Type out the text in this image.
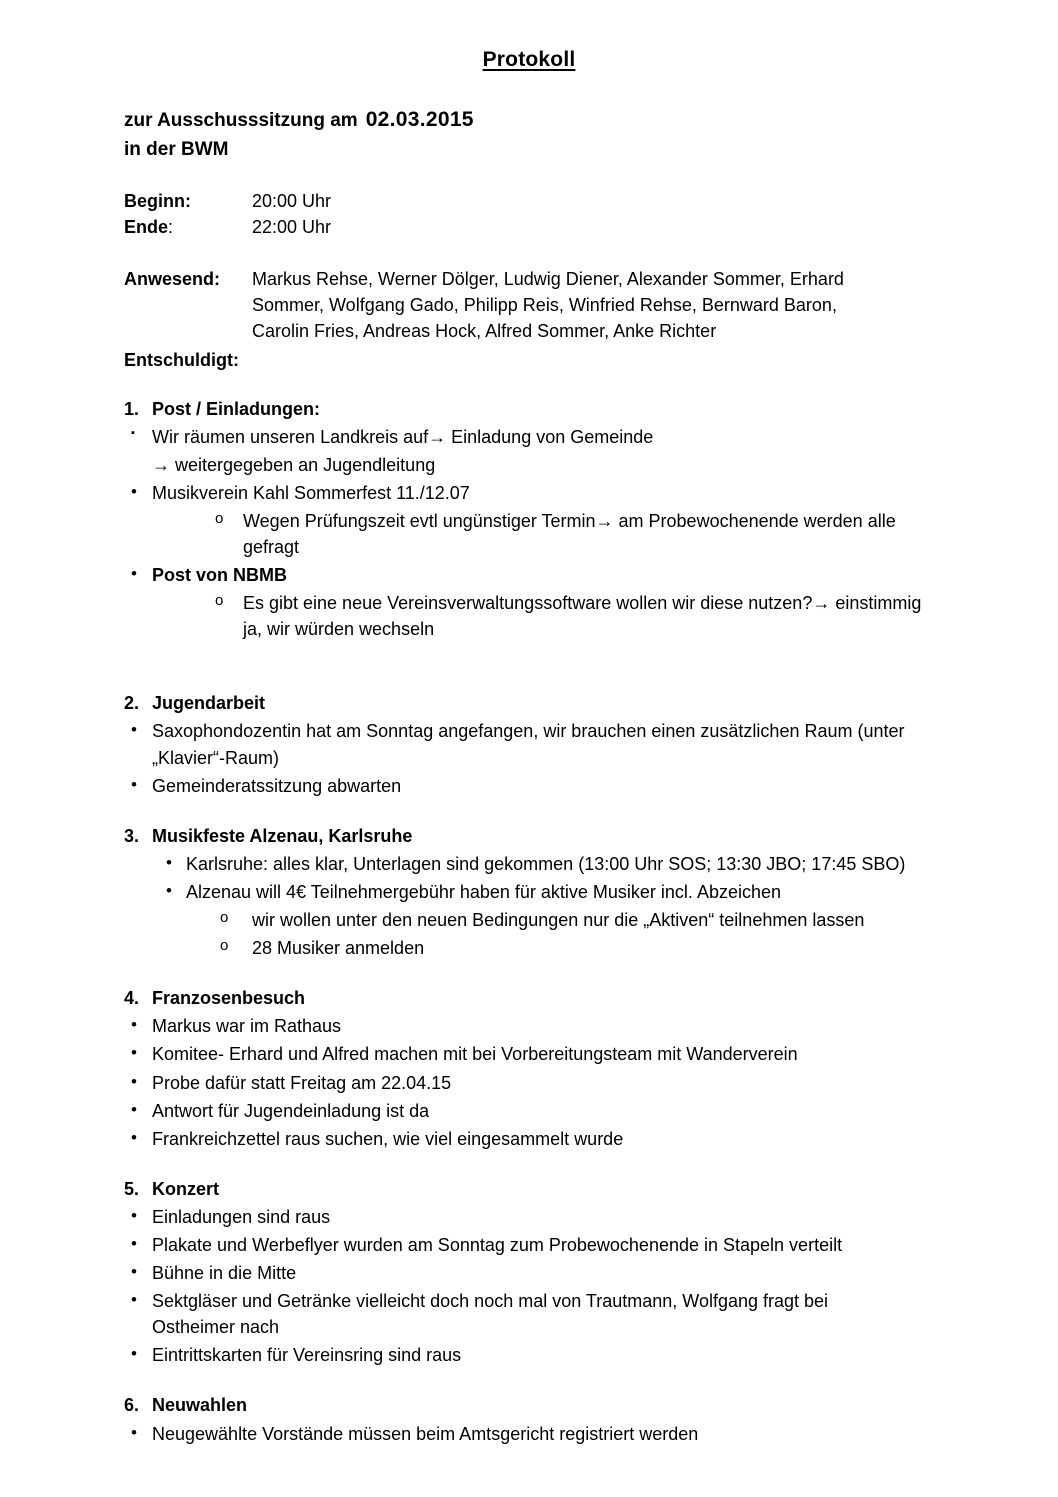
Protokoll
zur Ausschusssitzung am 02.03.2015
in der BWM
Beginn:	20:00 Uhr
Ende:	22:00 Uhr
Anwesend:	Markus Rehse, Werner Dölger, Ludwig Diener, Alexander Sommer, Erhard Sommer, Wolfgang Gado, Philipp Reis, Winfried Rehse, Bernward Baron, Carolin Fries, Andreas Hock, Alfred Sommer, Anke Richter
Entschuldigt:
1. Post / Einladungen:
▪ Wir räumen unseren Landkreis auf→ Einladung von Gemeinde

→ weitergegeben an Jugendleitung
• Musikverein Kahl Sommerfest 11./12.07
o	Wegen Prüfungszeit evtl ungünstiger Termin→ am Probewochenende werden alle gefragt
• Post von NBMB
o	Es gibt eine neue Vereinsverwaltungssoftware wollen wir diese nutzen?→ einstimmig ja, wir würden wechseln
2. Jugendarbeit
• Saxophondozentin hat am Sonntag angefangen, wir brauchen einen zusätzlichen Raum (unter „Klavier“-Raum)
• Gemeinderatssitzung abwarten
3. Musikfeste Alzenau, Karlsruhe
• Karlsruhe: alles klar, Unterlagen sind gekommen (13:00 Uhr SOS; 13:30 JBO; 17:45 SBO)
• Alzenau will 4€ Teilnehmergebühr haben für aktive Musiker incl. Abzeichen
o	wir wollen unter den neuen Bedingungen nur die „Aktiven“ teilnehmen lassen
o	28 Musiker anmelden
4. Franzosenbesuch
• Markus war im Rathaus
• Komitee- Erhard und Alfred machen mit bei Vorbereitungsteam mit Wanderverein
• Probe dafür statt Freitag am 22.04.15
• Antwort für Jugendeinladung ist da
• Frankreichzettel raus suchen, wie viel eingesammelt wurde
5. Konzert
• Einladungen sind raus
• Plakate und Werbeflyer wurden am Sonntag zum Probewochenende in Stapeln verteilt
• Bühne in die Mitte
• Sektgläser und Getränke vielleicht doch noch mal von Trautmann, Wolfgang fragt bei Ostheimer nach
• Eintrittskarten für Vereinsring sind raus
6. Neuwahlen
• Neugewählte Vorstände müssen beim Amtsgericht registriert werden
